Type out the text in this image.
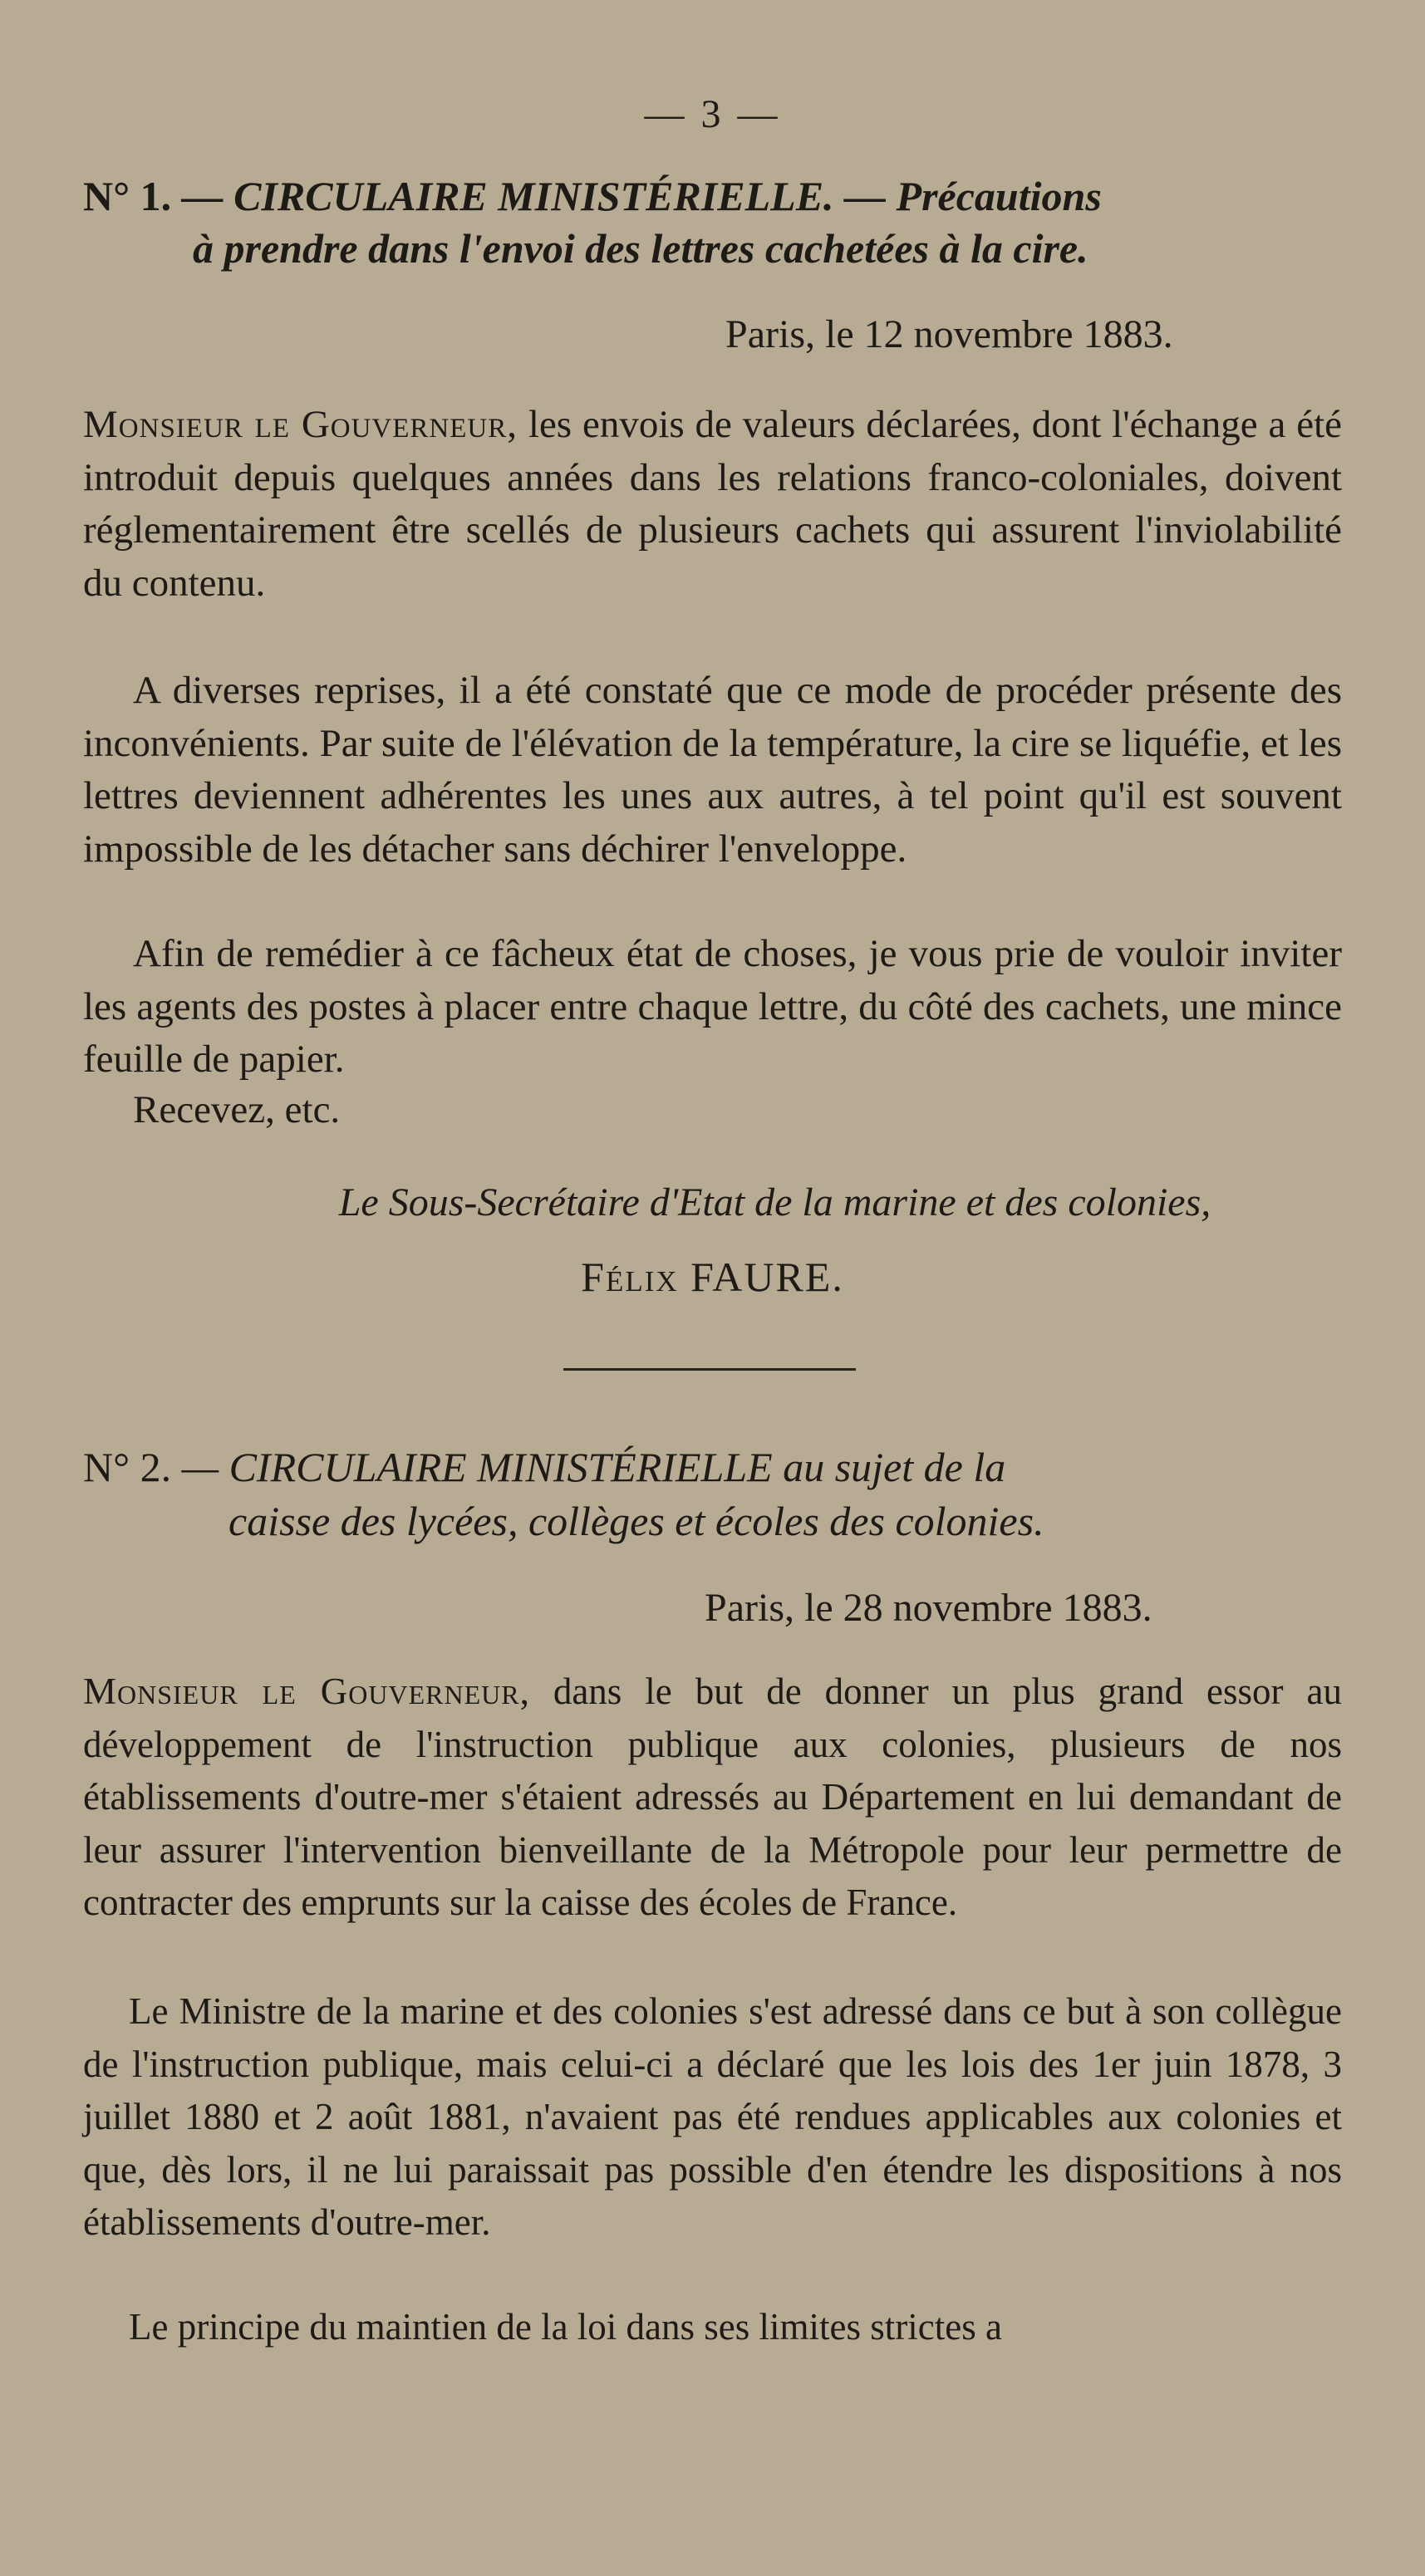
— 3 —
N° 1. — CIRCULAIRE MINISTÉRIELLE. — Précautions
à prendre dans l'envoi des lettres cachetées à la cire.
Paris, le 12 novembre 1883.

Monsieur le Gouverneur, les envois de valeurs déclarées, dont l'échange a été introduit depuis quelques années dans les relations franco-coloniales, doivent réglementairement être scellés de plusieurs cachets qui assurent l'inviolabilité du contenu.

A diverses reprises, il a été constaté que ce mode de procéder présente des inconvénients. Par suite de l'élévation de la température, la cire se liquéfie, et les lettres deviennent adhérentes les unes aux autres, à tel point qu'il est souvent impossible de les détacher sans déchirer l'enveloppe.

Afin de remédier à ce fâcheux état de choses, je vous prie de vouloir inviter les agents des postes à placer entre chaque lettre, du côté des cachets, une mince feuille de papier.

Recevez, etc.
Le Sous-Secrétaire d'Etat de la marine et des colonies,
Félix FAURE.
N° 2. — CIRCULAIRE MINISTÉRIELLE au sujet de la
caisse des lycées, collèges et écoles des colonies.
Paris, le 28 novembre 1883.

Monsieur le Gouverneur, dans le but de donner un plus grand essor au développement de l'instruction publique aux colonies, plusieurs de nos établissements d'outre-mer s'étaient adressés au Département en lui demandant de leur assurer l'intervention bienveillante de la Métropole pour leur permettre de contracter des emprunts sur la caisse des écoles de France.

Le Ministre de la marine et des colonies s'est adressé dans ce but à son collègue de l'instruction publique, mais celui-ci a déclaré que les lois des 1er juin 1878, 3 juillet 1880 et 2 août 1881, n'avaient pas été rendues applicables aux colonies et que, dès lors, il ne lui paraissait pas possible d'en étendre les dispositions à nos établissements d'outre-mer.

Le principe du maintien de la loi dans ses limites strictes a
